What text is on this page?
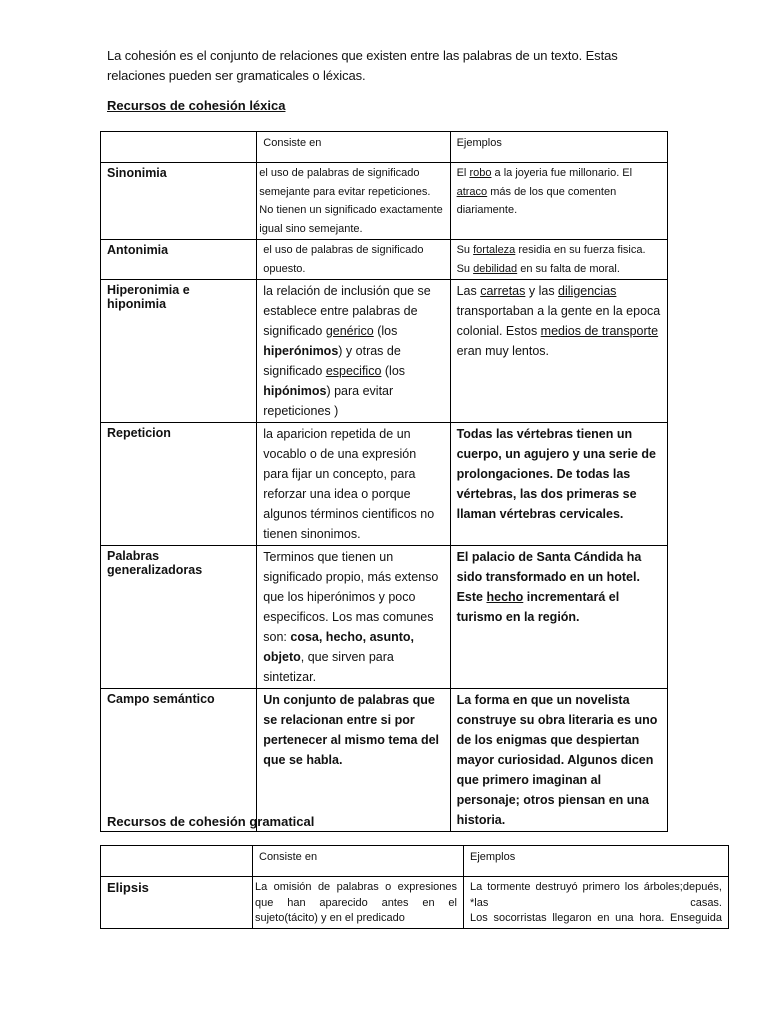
La cohesión es el conjunto de relaciones que existen entre las palabras de un texto. Estas
relaciones pueden ser gramaticales o léxicas.
Recursos de cohesión léxica
	Consiste en	Ejemplos
Sinonimia	el uso de palabras de significado semejante para evitar repeticiones. No tienen un significado exactamente igual sino semejante.	El robo a la joyeria fue millonario. El atraco más de los que comenten diariamente.
Antonimia	el uso de palabras de significado opuesto.	Su fortaleza residia en su fuerza fisica. Su debilidad en su falta de moral.
Hiperonimia e hiponimia	la relación de inclusión que se establece entre palabras de significado genérico (los hiperónimos) y otras de significado especifico (los hipónimos) para evitar repeticiones )	Las carretas y las diligencias transportaban a la gente en la epoca colonial. Estos medios de transporte eran muy lentos.
Repeticion	la aparicion repetida de un vocablo o de una expresión para fijar un concepto, para reforzar una idea o porque algunos términos cientificos no tienen sinonimos.	Todas las vértebras tienen un cuerpo, un agujero y una serie de prolongaciones. De todas las vértebras, las dos primeras se llaman vértebras cervicales.
Palabras generalizadoras	Terminos que tienen un significado propio, más extenso que los hiperónimos y poco especificos. Los mas comunes son: cosa, hecho, asunto, objeto, que sirven para sintetizar.	El palacio de Santa Cándida ha sido transformado en un hotel. Este hecho incrementará el turismo en la región.
Campo semántico	Un conjunto de palabras que se relacionan entre si por pertenecer al mismo tema del que se habla.	La forma en que un novelista construye su obra literaria es uno de los enigmas que despiertan mayor curiosidad. Algunos dicen que primero imaginan al personaje; otros piensan en una historia.
Recursos de cohesión gramatical
	Consiste en	Ejemplos
Elipsis	La omisión de palabras o expresiones que han aparecido antes en el sujeto(tácito) y en el predicado	La tormente destruyó primero los árboles;depués, *las casas.
Los socorristas llegaron en una hora. Enseguida
